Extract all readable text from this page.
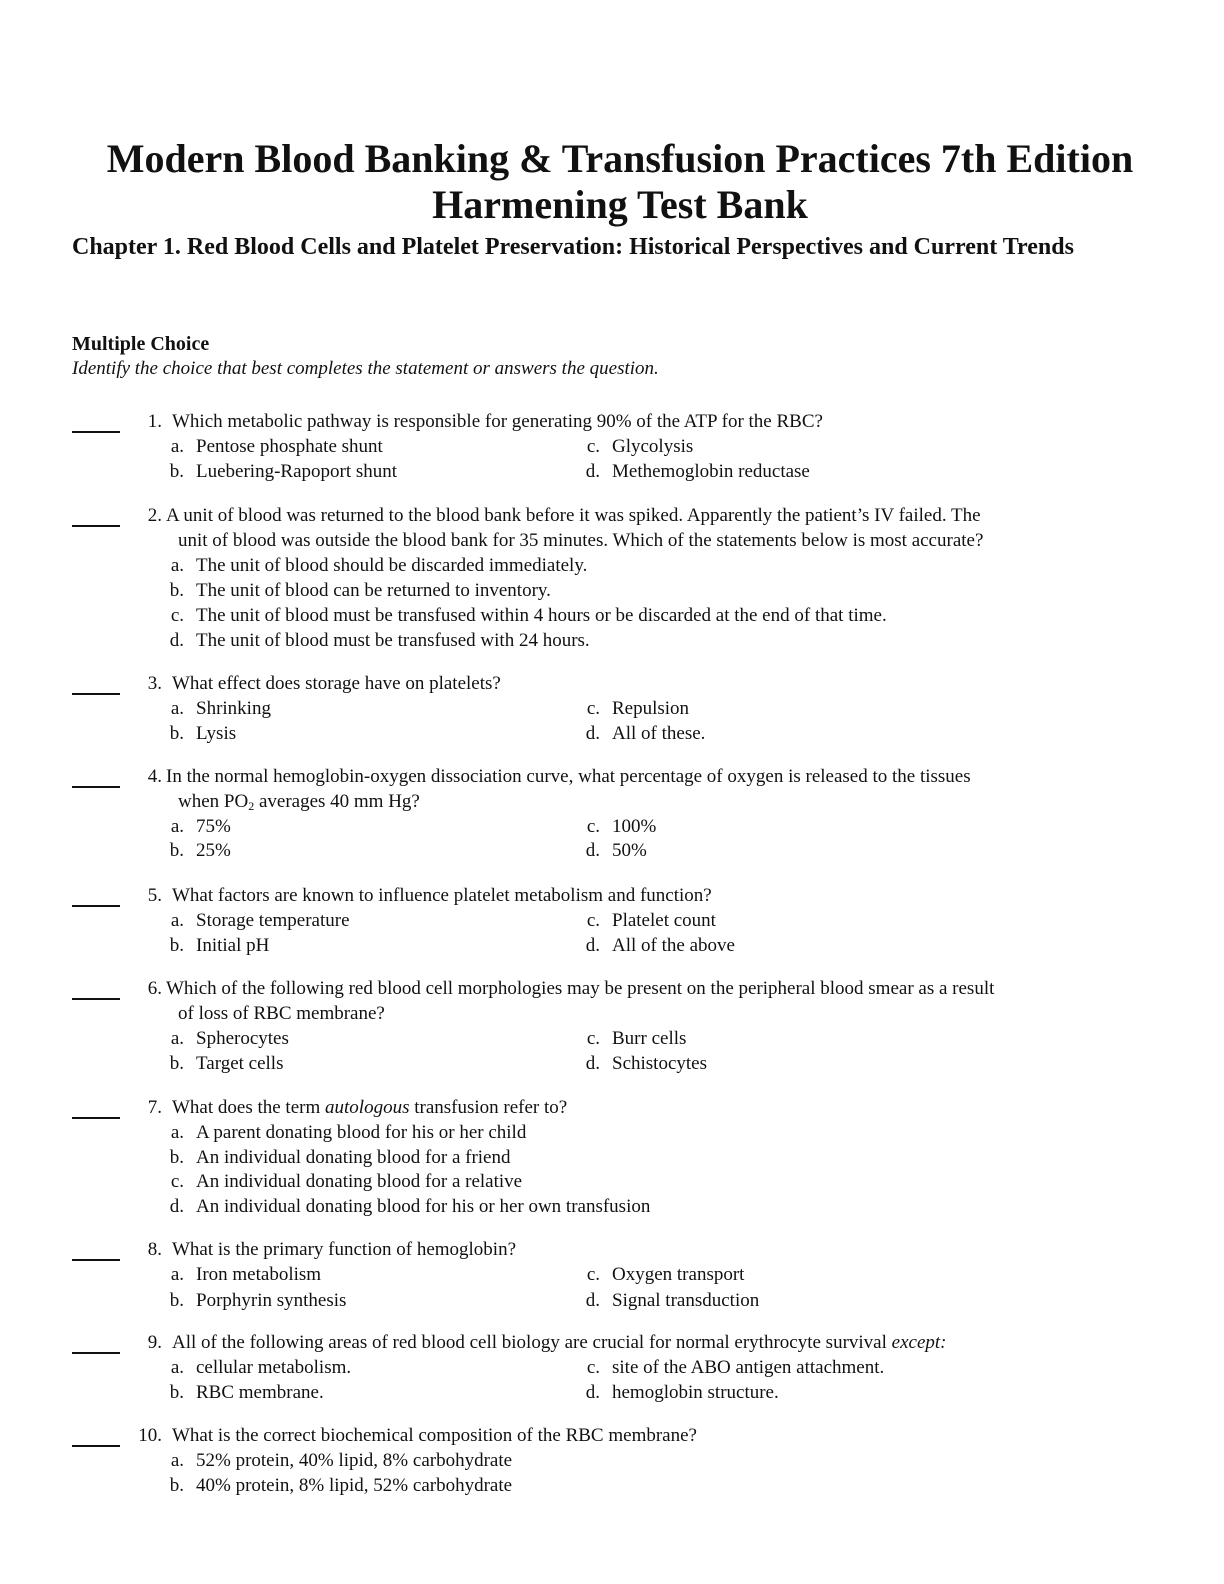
Modern Blood Banking & Transfusion Practices 7th Edition
Harmening Test Bank
Chapter 1. Red Blood Cells and Platelet Preservation: Historical Perspectives and Current Trends
Multiple Choice
Identify the choice that best completes the statement or answers the question.
1. Which metabolic pathway is responsible for generating 90% of the ATP for the RBC?
a. Pentose phosphate shunt
b. Luebering-Rapoport shunt
c. Glycolysis
d. Methemoglobin reductase
2. A unit of blood was returned to the blood bank before it was spiked. Apparently the patient’s IV failed. The
unit of blood was outside the blood bank for 35 minutes. Which of the statements below is most accurate?
a. The unit of blood should be discarded immediately.
b. The unit of blood can be returned to inventory.
c. The unit of blood must be transfused within 4 hours or be discarded at the end of that time.
d. The unit of blood must be transfused with 24 hours.
3. What effect does storage have on platelets?
a. Shrinking
b. Lysis
c. Repulsion
d. All of these.
4. In the normal hemoglobin-oxygen dissociation curve, what percentage of oxygen is released to the tissues
when $PO_2$ averages 40 mm Hg?
a. 75%
b. 25%
c. 100%
d. 50%
5. What factors are known to influence platelet metabolism and function?
a. Storage temperature
b. Initial pH
c. Platelet count
d. All of the above
6. Which of the following red blood cell morphologies may be present on the peripheral blood smear as a result
of loss of RBC membrane?
a. Spherocytes
b. Target cells
c. Burr cells
d. Schistocytes
7. What does the term autologous transfusion refer to?
a. A parent donating blood for his or her child
b. An individual donating blood for a friend
c. An individual donating blood for a relative
d. An individual donating blood for his or her own transfusion
8. What is the primary function of hemoglobin?
a. Iron metabolism
b. Porphyrin synthesis
c. Oxygen transport
d. Signal transduction
9. All of the following areas of red blood cell biology are crucial for normal erythrocyte survival except:
a. cellular metabolism.
b. RBC membrane.
c. site of the ABO antigen attachment.
d. hemoglobin structure.
10. What is the correct biochemical composition of the RBC membrane?
a. 52% protein, 40% lipid, 8% carbohydrate
b. 40% protein, 8% lipid, 52% carbohydrate
